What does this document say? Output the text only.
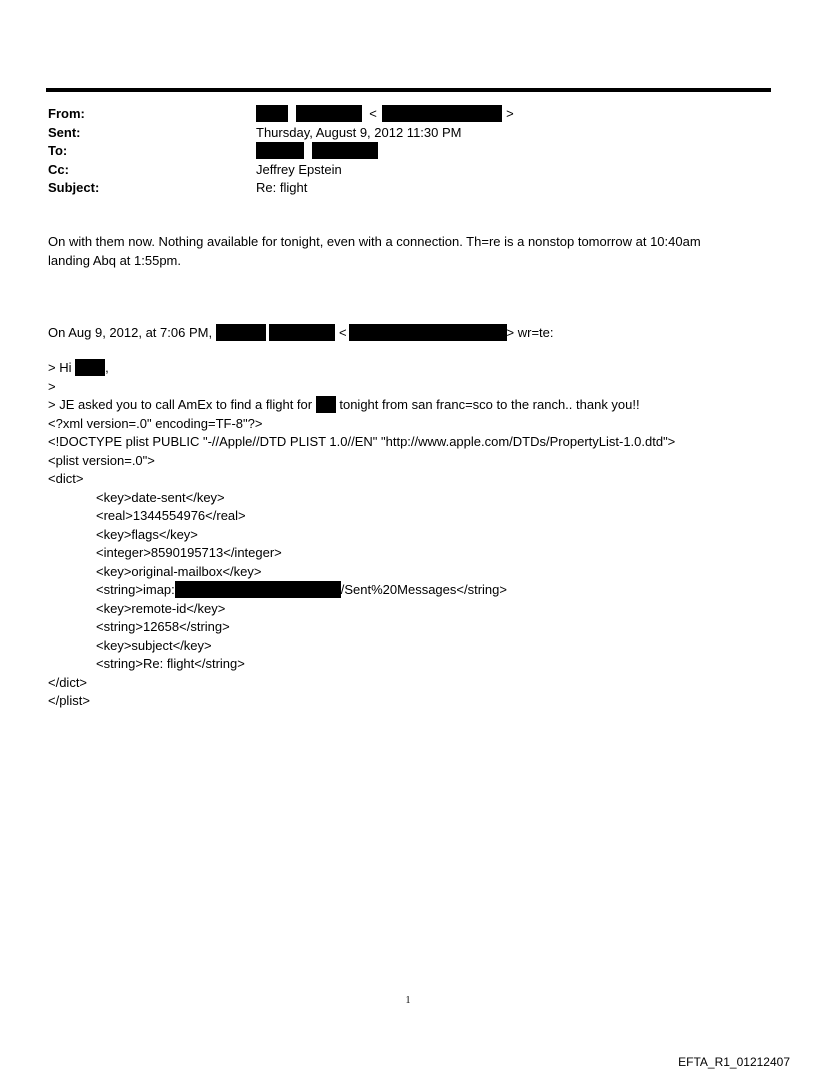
From:	<	>
Sent:	Thursday, August 9, 2012 11:30 PM
To:

Cc:	Jeffrey Epstein
Subject:	Re: flight
On with them now. Nothing available for tonight, even with a connection. Th=re is a nonstop tomorrow at 10:40am
landing Abq at 1:55pm.
On Aug 9, 2012, at 7:06 PM,	<	> wr=te:
> Hi	,
>
> JE asked you to call AmEx to find a flight for tonight from san franc=sco to the ranch.. thank you!!
<?xml version=.0" encoding=TF-8"?>
<!DOCTYPE plist PUBLIC "-//Apple//DTD PLIST 1.0//EN" "http://www.apple.com/DTDs/PropertyList-1.0.dtd">
<plist version=.0">
<dict>
<key>date-sent</key>
<real>1344554976</real>
<key>flags</key>
<integer>8590195713</integer>
<key>original-mailbox</key>
<string>imap:	/Sent%20Messages</string>
<key>remote-id</key>
<string>12658</string>
<key>subject</key>
<string>Re: flight</string>
</dict>
</plist>
1
EFTA_R1_01212407
